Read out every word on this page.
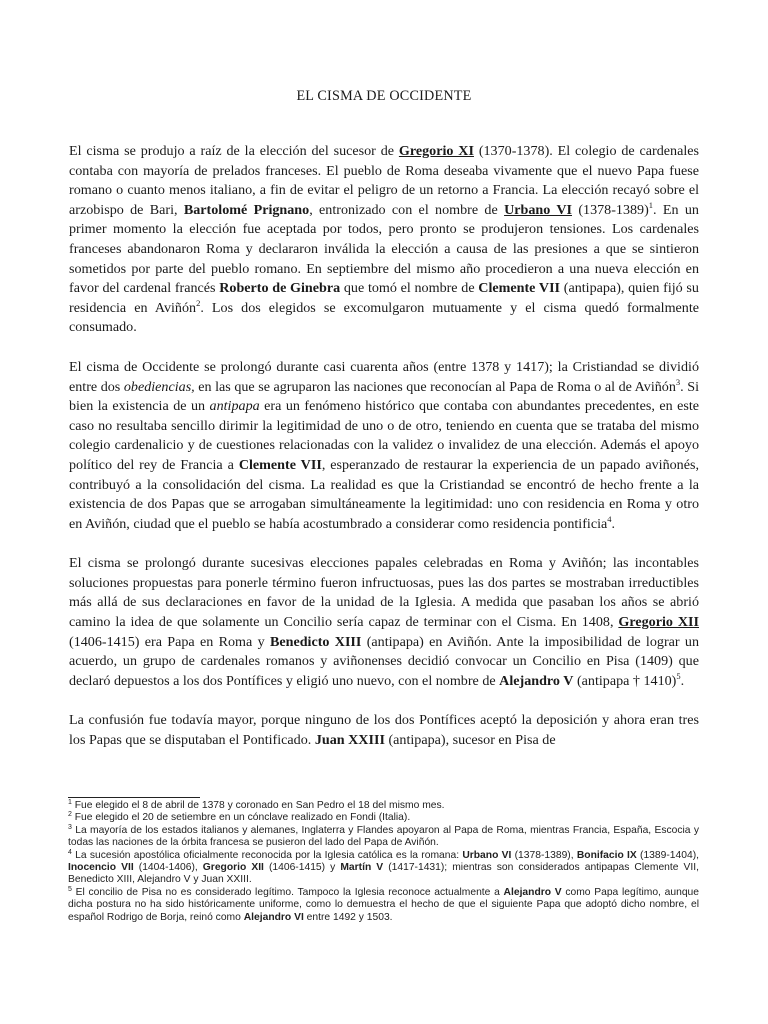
EL CISMA DE OCCIDENTE

El cisma se produjo a raíz de la elección del sucesor de Gregorio XI (1370-1378). El colegio de cardenales contaba con mayoría de prelados franceses. El pueblo de Roma deseaba vivamente que el nuevo Papa fuese romano o cuanto menos italiano, a fin de evitar el peligro de un retorno a Francia. La elección recayó sobre el arzobispo de Bari, Bartolomé Prignano, entronizado con el nombre de Urbano VI (1378-1389)$^1$. En un primer momento la elección fue aceptada por todos, pero pronto se produjeron tensiones. Los cardenales franceses abandonaron Roma y declararon inválida la elección a causa de las presiones a que se sintieron sometidos por parte del pueblo romano. En septiembre del mismo año procedieron a una nueva elección en favor del cardenal francés Roberto de Ginebra que tomó el nombre de Clemente VII (antipapa), quien fijó su residencia en Aviñón$^2$. Los dos elegidos se excomulgaron mutuamente y el cisma quedó formalmente consumado.

El cisma de Occidente se prolongó durante casi cuarenta años (entre 1378 y 1417); la Cristiandad se dividió entre dos obediencias, en las que se agruparon las naciones que reconocían al Papa de Roma o al de Aviñón$^3$. Si bien la existencia de un antipapa era un fenómeno histórico que contaba con abundantes precedentes, en este caso no resultaba sencillo dirimir la legitimidad de uno o de otro, teniendo en cuenta que se trataba del mismo colegio cardenalicio y de cuestiones relacionadas con la validez o invalidez de una elección. Además el apoyo político del rey de Francia a Clemente VII, esperanzado de restaurar la experiencia de un papado aviñonés, contribuyó a la consolidación del cisma. La realidad es que la Cristiandad se encontró de hecho frente a la existencia de dos Papas que se arrogaban simultáneamente la legitimidad: uno con residencia en Roma y otro en Aviñón, ciudad que el pueblo se había acostumbrado a considerar como residencia pontificia$^4$.

El cisma se prolongó durante sucesivas elecciones papales celebradas en Roma y Aviñón; las incontables soluciones propuestas para ponerle término fueron infructuosas, pues las dos partes se mostraban irreductibles más allá de sus declaraciones en favor de la unidad de la Iglesia. A medida que pasaban los años se abrió camino la idea de que solamente un Concilio sería capaz de terminar con el Cisma. En 1408, Gregorio XII (1406-1415) era Papa en Roma y Benedicto XIII (antipapa) en Aviñón. Ante la imposibilidad de lograr un acuerdo, un grupo de cardenales romanos y aviñonenses decidió convocar un Concilio en Pisa (1409) que declaró depuestos a los dos Pontífices y eligió uno nuevo, con el nombre de Alejandro V (antipapa † 1410)$^5$.

La confusión fue todavía mayor, porque ninguno de los dos Pontífices aceptó la deposición y ahora eran tres los Papas que se disputaban el Pontificado. Juan XXIII (antipapa), sucesor en Pisa de

$^1$ Fue elegido el 8 de abril de 1378 y coronado en San Pedro el 18 del mismo mes.

$^2$ Fue elegido el 20 de setiembre en un cónclave realizado en Fondi (Italia).

$^3$ La mayoría de los estados italianos y alemanes, Inglaterra y Flandes apoyaron al Papa de Roma, mientras Francia, España, Escocia y todas las naciones de la órbita francesa se pusieron del lado del Papa de Aviñón.

$^4$ La sucesión apostólica oficialmente reconocida por la Iglesia católica es la romana: Urbano VI (1378-1389), Bonifacio IX (1389-1404), Inocencio VII (1404-1406), Gregorio XII (1406-1415) y Martín V (1417-1431); mientras son considerados antipapas Clemente VII, Benedicto XIII, Alejandro V y Juan XXIII.

$^5$ El concilio de Pisa no es considerado legítimo. Tampoco la Iglesia reconoce actualmente a Alejandro V como Papa legítimo, aunque dicha postura no ha sido históricamente uniforme, como lo demuestra el hecho de que el siguiente Papa que adoptó dicho nombre, el español Rodrigo de Borja, reinó como Alejandro VI entre 1492 y 1503.
